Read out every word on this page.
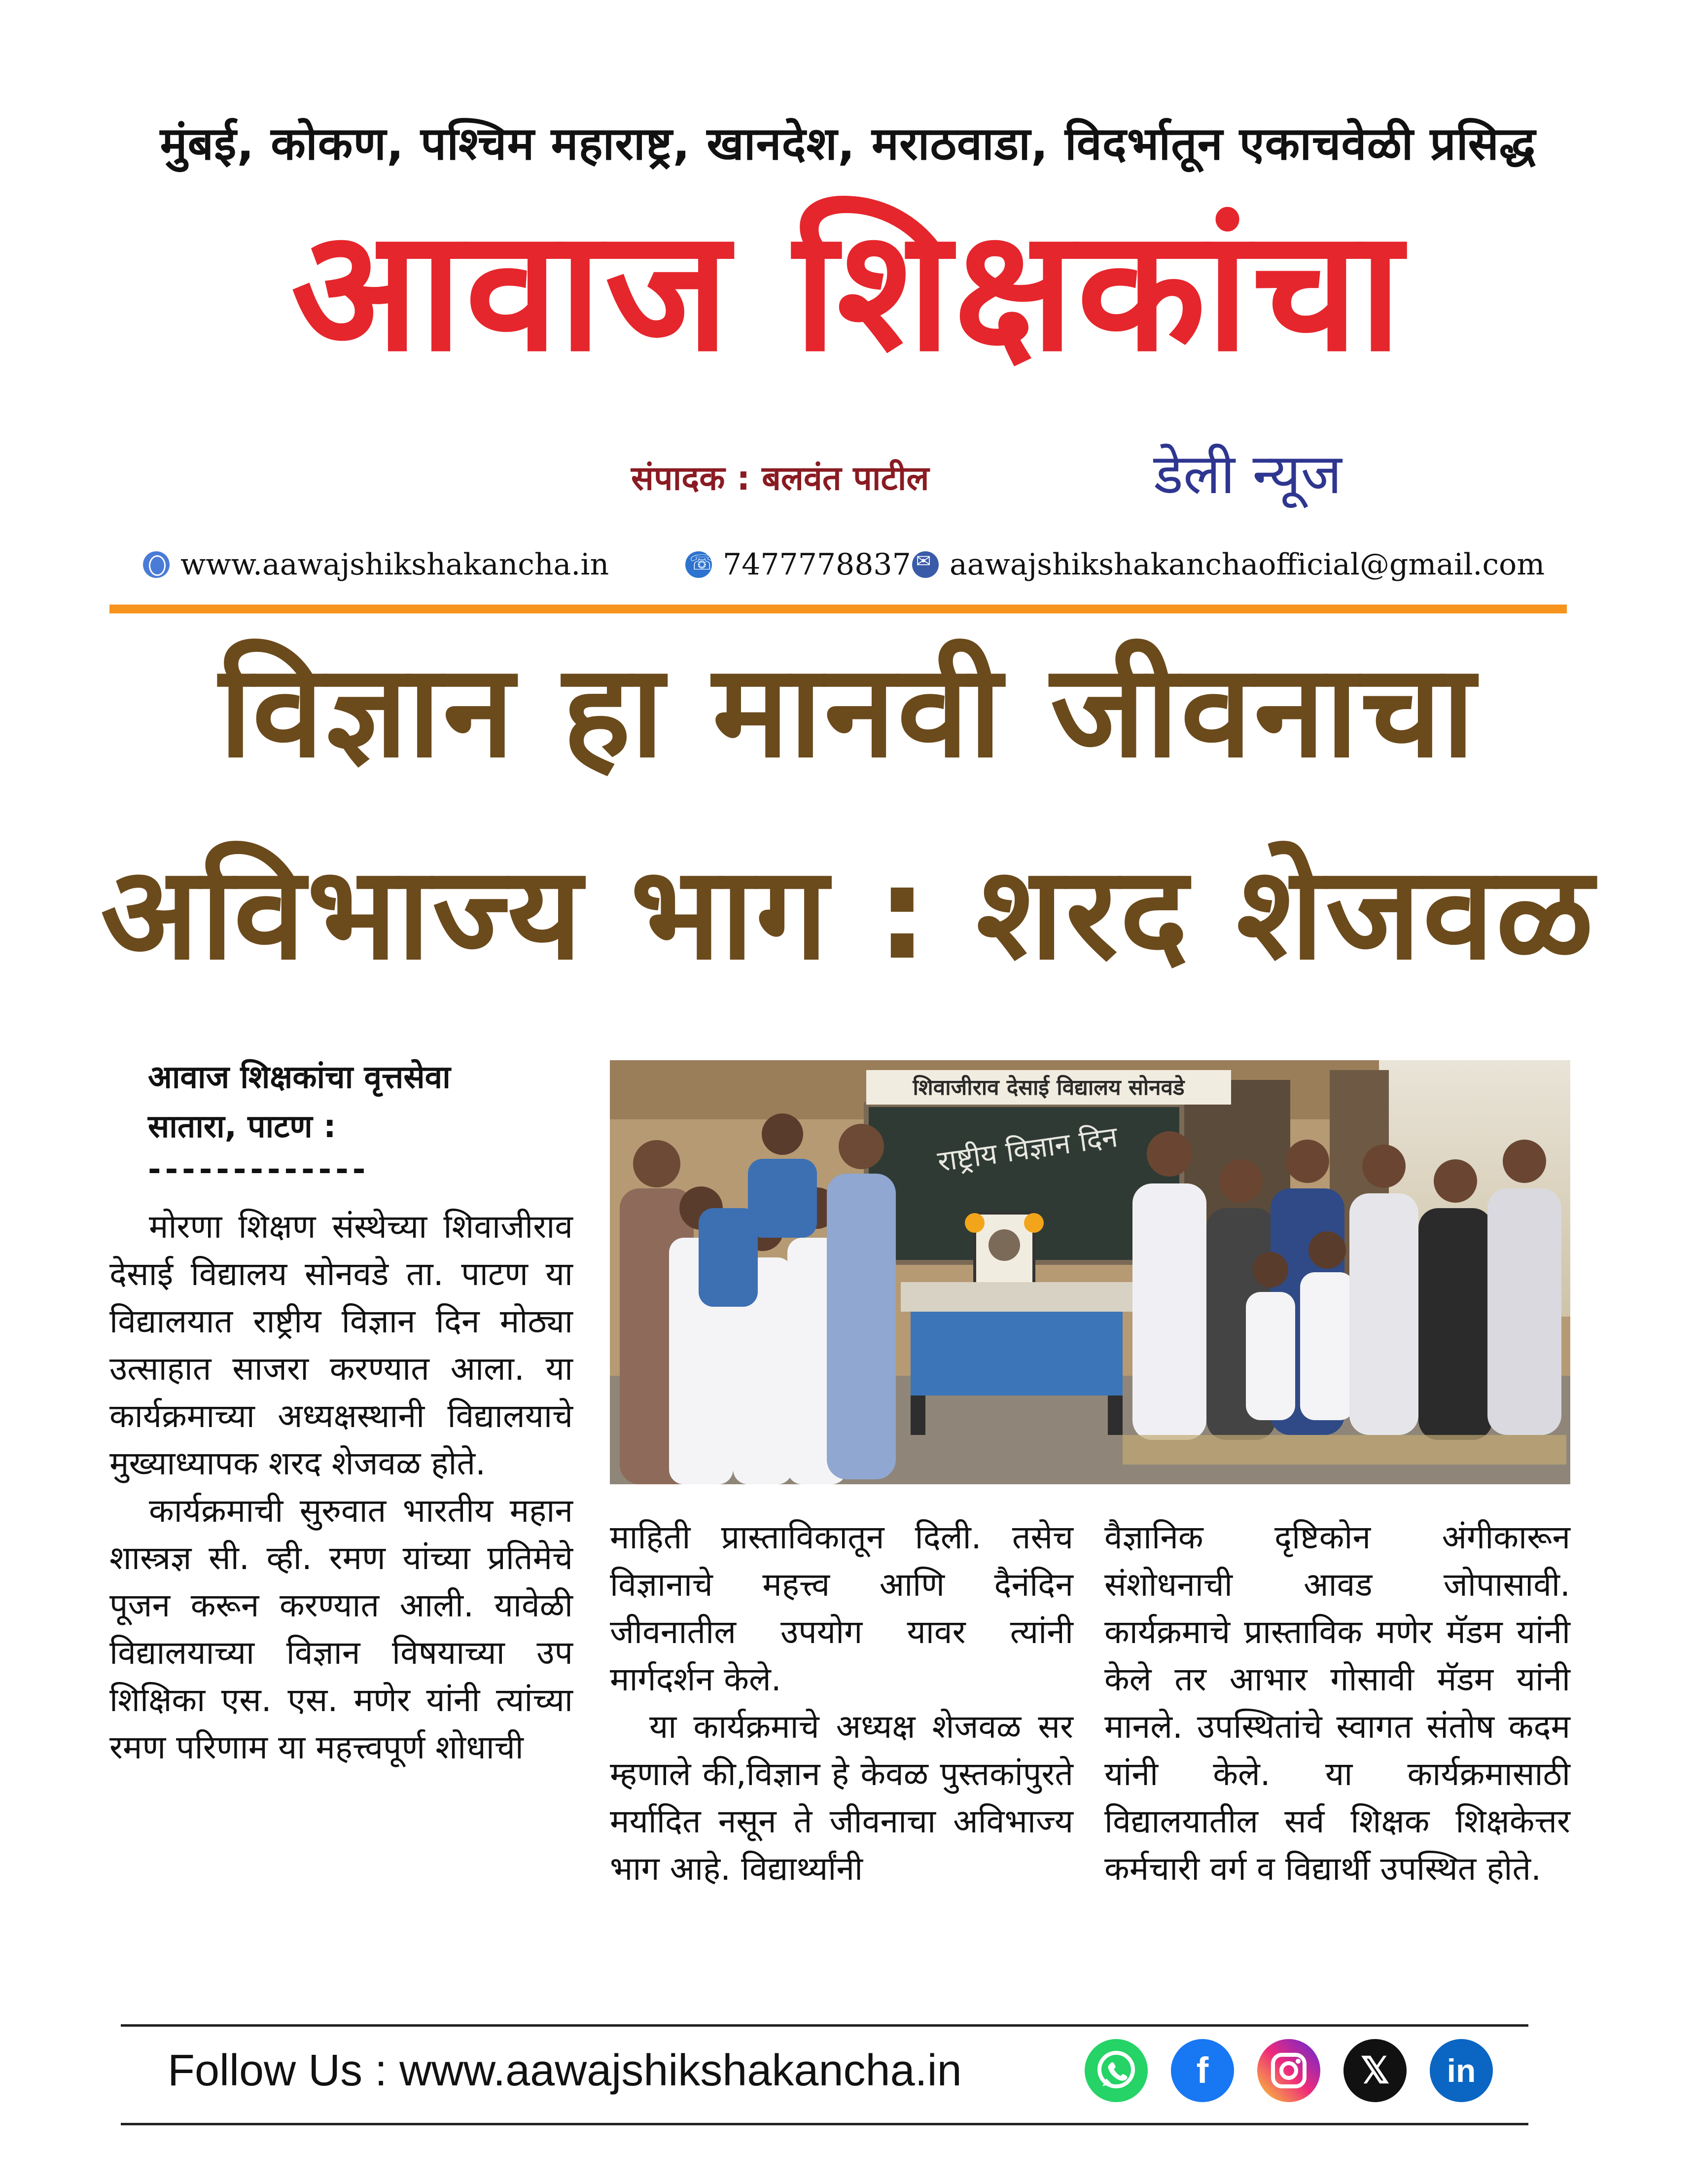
मुंबई, कोकण, पश्चिम महाराष्ट्र, खानदेश, मराठवाडा, विदर्भातून एकाचवेळी प्रसिद्ध
आवाज शिक्षकांचा
संपादक : बलवंत पाटील	डेली न्यूज
www.aawajshikshakancha.in ☏	7477778837 ✉ aawajshikshakanchaofficial@gmail.com
विज्ञान हा मानवी जीवनाचा
अविभाज्य भाग : शरद शेजवळ
आवाज शिक्षकांचा वृत्तसेवा
सातारा, पाटण :
-------------
शिवाजीराव देसाई विद्यालय सोनवडे
राष्ट्रीय विज्ञान दिन

मोरणा शिक्षण संस्थेच्या शिवाजीराव देसाई विद्यालय सोनवडे ता. पाटण या विद्यालयात राष्ट्रीय विज्ञान दिन मोठ्या उत्साहात साजरा करण्यात आला. या कार्यक्रमाच्या अध्यक्षस्थानी विद्यालयाचे मुख्याध्यापक शरद शेजवळ होते.

कार्यक्रमाची सुरुवात भारतीय महान शास्त्रज्ञ सी. व्ही. रमण यांच्या प्रतिमेचे पूजन करून करण्यात आली. यावेळी विद्यालयाच्या विज्ञान विषयाच्या उप शिक्षिका एस. एस. मणेर यांनी त्यांच्या रमण परिणाम या महत्त्वपूर्ण शोधाची

माहिती प्रास्ताविकातून दिली. तसेच विज्ञानाचे महत्त्व आणि दैनंदिन जीवनातील उपयोग यावर त्यांनी मार्गदर्शन केले.

या कार्यक्रमाचे अध्यक्ष शेजवळ सर म्हणाले की,विज्ञान हे केवळ पुस्तकांपुरते मर्यादित नसून ते जीवनाचा अविभाज्य भाग आहे. विद्यार्थ्यांनी

वैज्ञानिक दृष्टिकोन अंगीकारून संशोधनाची आवड जोपासावी. कार्यक्रमाचे प्रास्ताविक मणेर मॅडम यांनी केले तर आभार गोसावी मॅडम यांनी मानले. उपस्थितांचे स्वागत संतोष कदम यांनी केले. या कार्यक्रमासाठी विद्यालयातील सर्व शिक्षक शिक्षकेत्तर कर्मचारी वर्ग व विद्यार्थी उपस्थित होते.

Follow Us : www.aawajshikshakancha.in	f	𝕏	in
